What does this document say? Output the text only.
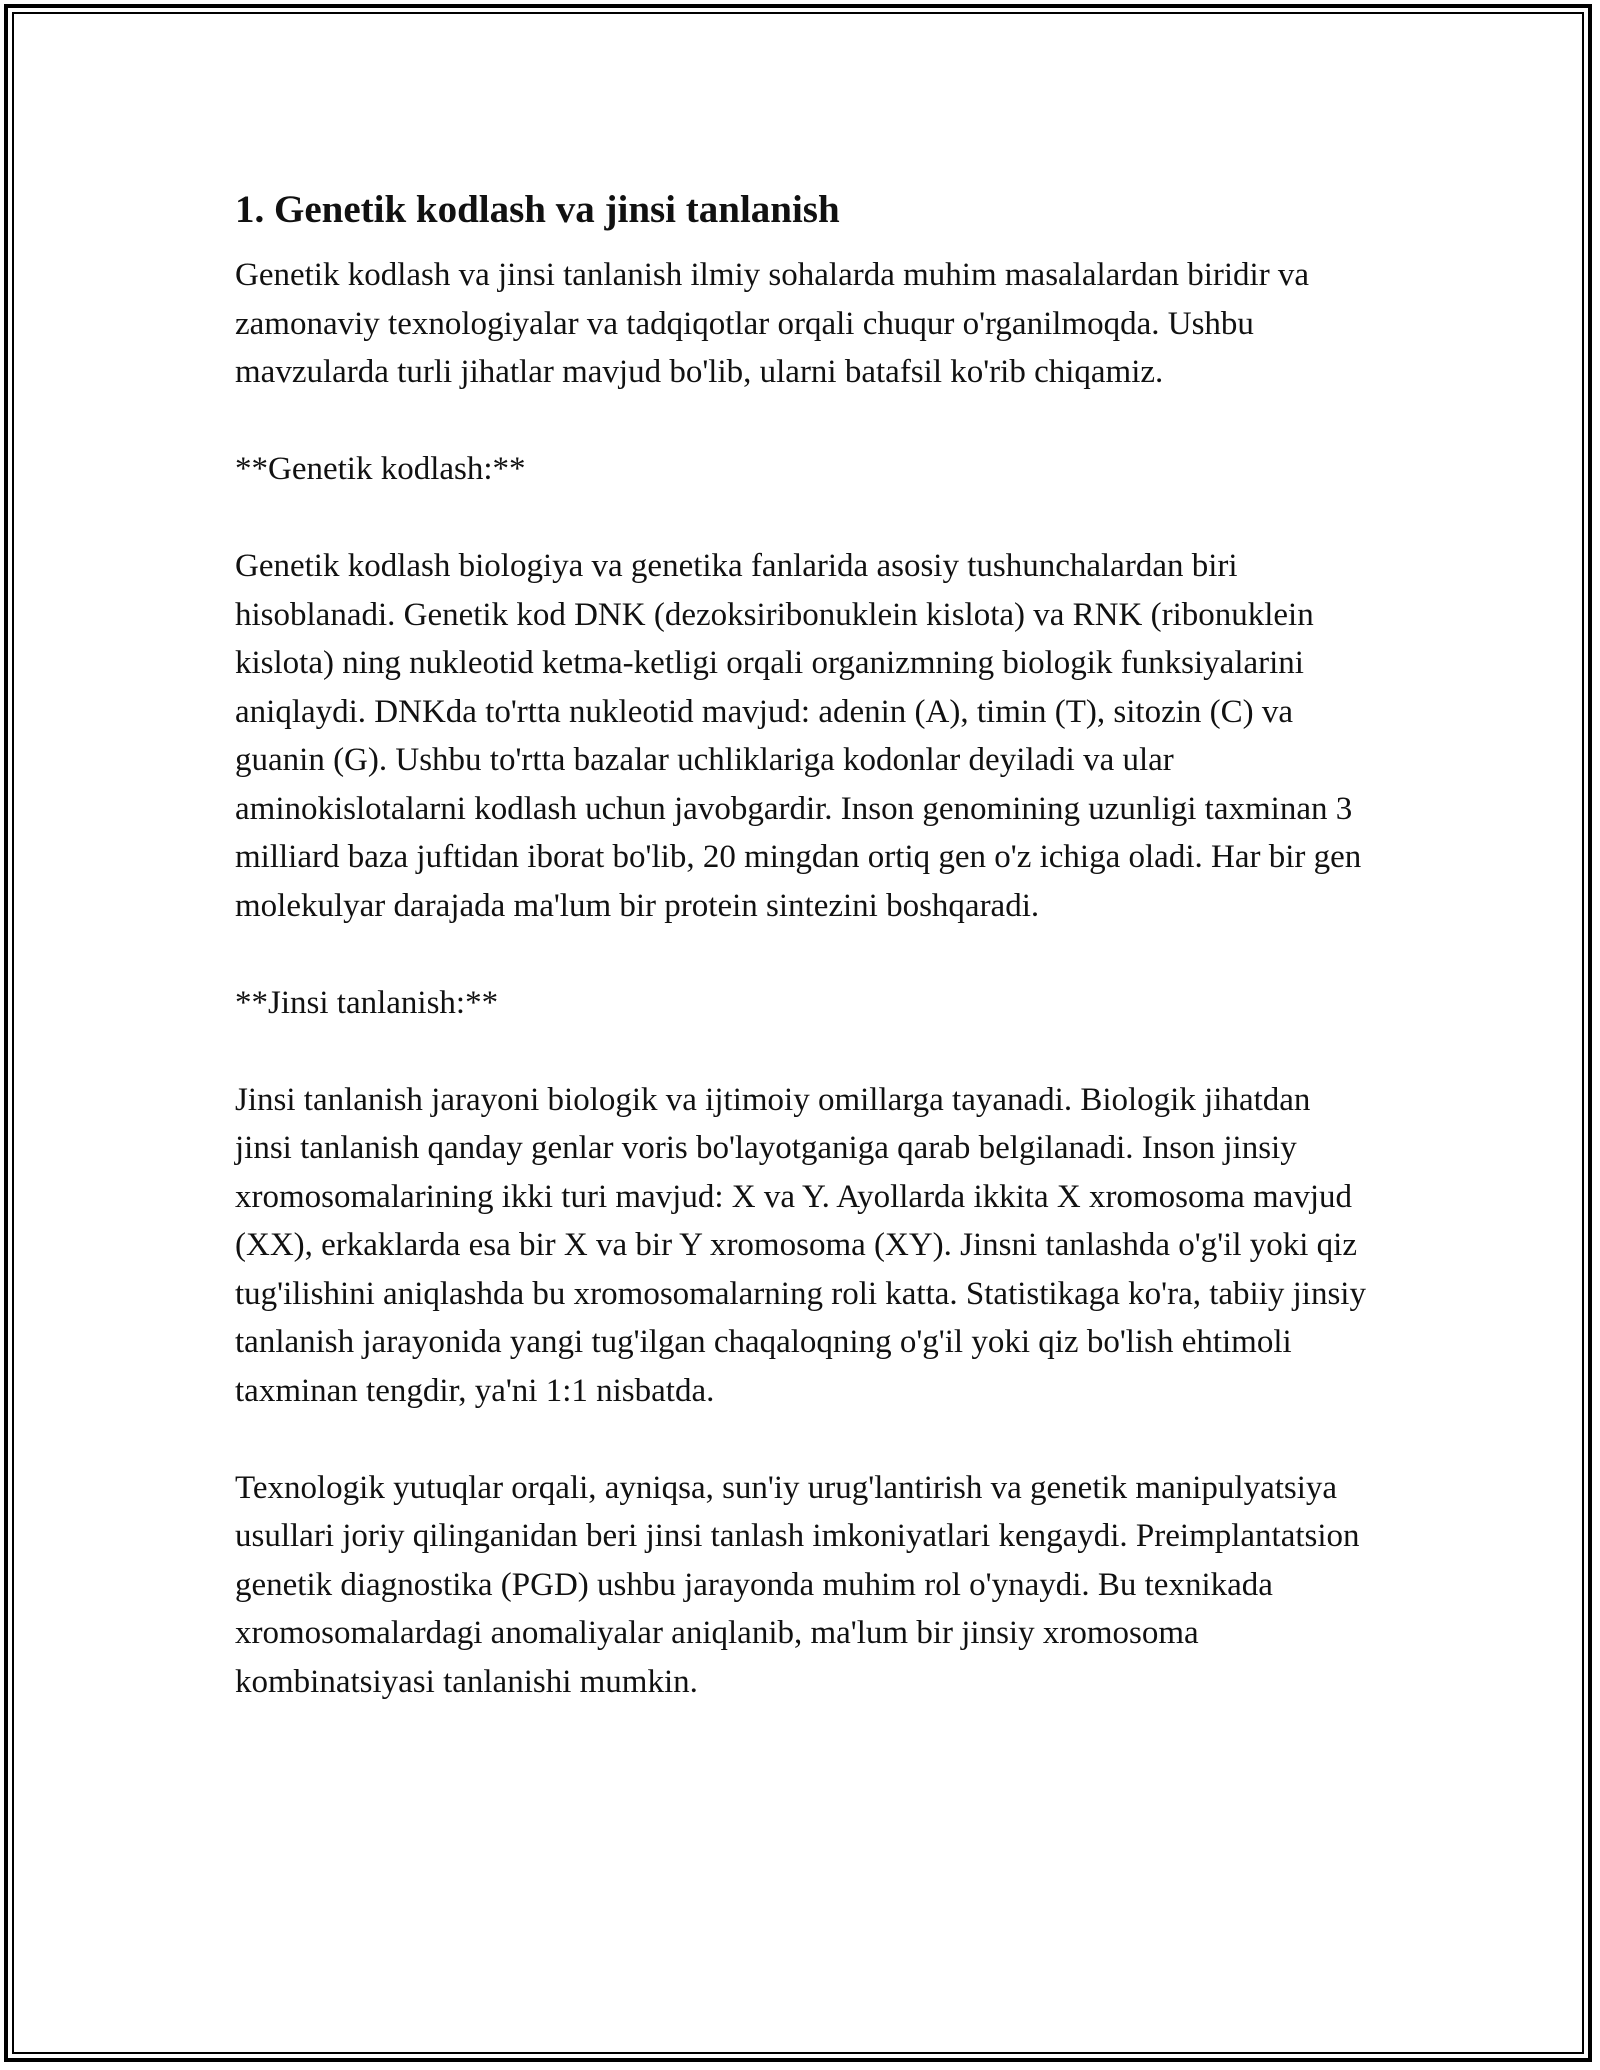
1. Genetik kodlash va jinsi tanlanish

Genetik kodlash va jinsi tanlanish ilmiy sohalarda muhim masalalardan biridir va zamonaviy texnologiyalar va tadqiqotlar orqali chuqur o'rganilmoqda. Ushbu mavzularda turli jihatlar mavjud bo'lib, ularni batafsil ko'rib chiqamiz.

**Genetik kodlash:**

Genetik kodlash biologiya va genetika fanlarida asosiy tushunchalardan biri hisoblanadi. Genetik kod DNK (dezoksiribonuklein kislota) va RNK (ribonuklein kislota) ning nukleotid ketma-ketligi orqali organizmning biologik funksiyalarini aniqlaydi. DNKda to'rtta nukleotid mavjud: adenin (A), timin (T), sitozin (C) va guanin (G). Ushbu to'rtta bazalar uchliklariga kodonlar deyiladi va ular aminokislotalarni kodlash uchun javobgardir. Inson genomining uzunligi taxminan 3 milliard baza juftidan iborat bo'lib, 20 mingdan ortiq gen o'z ichiga oladi. Har bir gen molekulyar darajada ma'lum bir protein sintezini boshqaradi.

**Jinsi tanlanish:**

Jinsi tanlanish jarayoni biologik va ijtimoiy omillarga tayanadi. Biologik jihatdan jinsi tanlanish qanday genlar voris bo'layotganiga qarab belgilanadi. Inson jinsiy xromosomalarining ikki turi mavjud: X va Y. Ayollarda ikkita X xromosoma mavjud (XX), erkaklarda esa bir X va bir Y xromosoma (XY). Jinsni tanlashda o'g'il yoki qiz tug'ilishini aniqlashda bu xromosomalarning roli katta. Statistikaga ko'ra, tabiiy jinsiy tanlanish jarayonida yangi tug'ilgan chaqaloqning o'g'il yoki qiz bo'lish ehtimoli taxminan tengdir, ya'ni 1:1 nisbatda.

Texnologik yutuqlar orqali, ayniqsa, sun'iy urug'lantirish va genetik manipulyatsiya usullari joriy qilinganidan beri jinsi tanlash imkoniyatlari kengaydi. Preimplantatsion genetik diagnostika (PGD) ushbu jarayonda muhim rol o'ynaydi. Bu texnikada xromosomalardagi anomaliyalar aniqlanib, ma'lum bir jinsiy xromosoma kombinatsiyasi tanlanishi mumkin.
